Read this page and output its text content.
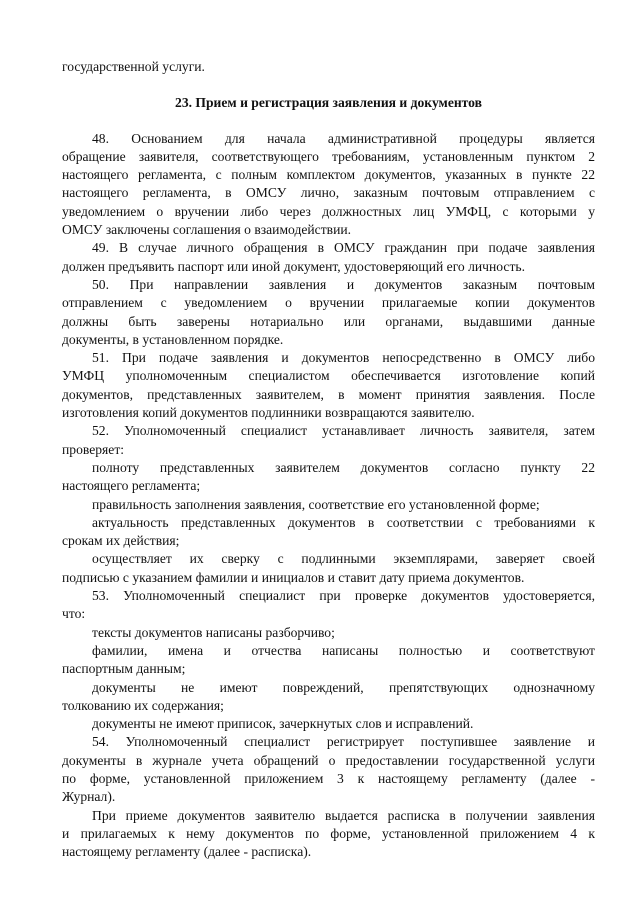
государственной услуги.
23. Прием и регистрация заявления и документов
48. Основанием для начала административной процедуры является
обращение заявителя, соответствующего требованиям, установленным пунктом 2
настоящего регламента, с полным комплектом документов, указанных в пункте 22
настоящего регламента, в ОМСУ лично, заказным почтовым отправлением с
уведомлением о вручении либо через должностных лиц УМФЦ, с которыми у
ОМСУ заключены соглашения о взаимодействии.
49. В случае личного обращения в ОМСУ гражданин при подаче заявления
должен предъявить паспорт или иной документ, удостоверяющий его личность.
50. При направлении заявления и документов заказным почтовым
отправлением с уведомлением о вручении прилагаемые копии документов
должны быть заверены нотариально или органами, выдавшими данные
документы, в установленном порядке.
51. При подаче заявления и документов непосредственно в ОМСУ либо
УМФЦ уполномоченным специалистом обеспечивается изготовление копий
документов, представленных заявителем, в момент принятия заявления. После
изготовления копий документов подлинники возвращаются заявителю.
52. Уполномоченный специалист устанавливает личность заявителя, затем
проверяет:
полноту представленных заявителем документов согласно пункту 22
настоящего регламента;
правильность заполнения заявления, соответствие его установленной форме;
актуальность представленных документов в соответствии с требованиями к
срокам их действия;
осуществляет их сверку с подлинными экземплярами, заверяет своей
подписью с указанием фамилии и инициалов и ставит дату приема документов.
53. Уполномоченный специалист при проверке документов удостоверяется,
что:
тексты документов написаны разборчиво;
фамилии, имена и отчества написаны полностью и соответствуют
паспортным данным;
документы не имеют повреждений, препятствующих однозначному
толкованию их содержания;
документы не имеют приписок, зачеркнутых слов и исправлений.
54. Уполномоченный специалист регистрирует поступившее заявление и
документы в журнале учета обращений о предоставлении государственной услуги
по форме, установленной приложением 3 к настоящему регламенту (далее -
Журнал).
При приеме документов заявителю выдается расписка в получении заявления
и прилагаемых к нему документов по форме, установленной приложением 4 к
настоящему регламенту (далее - расписка).
